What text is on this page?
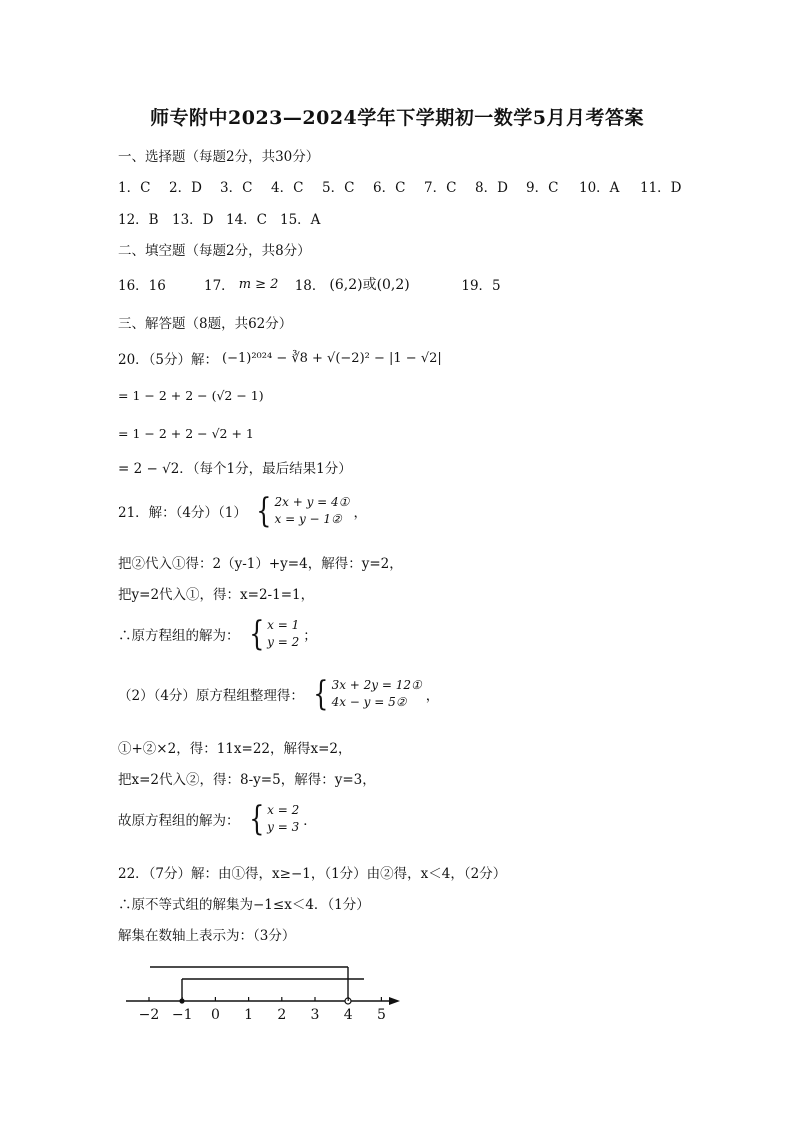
师专附中2023—2024学年下学期初一数学5月月考答案
一、选择题（每题2分，共30分）
1．C	2．D	3．C	4．C	5．C	6．C	7．C	8．D	9．C	10．A	11．D
12．B 13．D 14．C 15．A
二、填空题（每题2分，共8分）
16．16	17． m ≥ 2	18． (6,2)或(0,2)	19．5
三、解答题（8题，共62分）
20．（5分）解： (−1)²⁰²⁴ − ∛8 + √(−2)² − |1 − √2|
= 1 − 2 + 2 − (√2 − 1)
= 1 − 2 + 2 − √2 + 1
= 2 − √2．（每个1分，最后结果1分）
21．解：（4分）（1） { 2x + y = 4①
x = y − 1② ，
把②代入①得：2（y-1）+y=4，解得：y=2，
把y=2代入①，得：x=2-1=1，
∴原方程组的解为： { x = 1
y = 2 ；
（2）（4分）原方程组整理得： { 3x + 2y = 12①
4x − y = 5②	，
①+②×2，得：11x=22，解得x=2，
把x=2代入②，得：8-y=5，解得：y=3，
故原方程组的解为： { x = 2
y = 3 ．
22．（7分）解：由①得，x≥−1，（1分）由②得，x＜4，（2分）
∴原不等式组的解集为−1≤x＜4．（1分）
解集在数轴上表示为：（3分）
−2 −1 0 1 2 3 4 5
